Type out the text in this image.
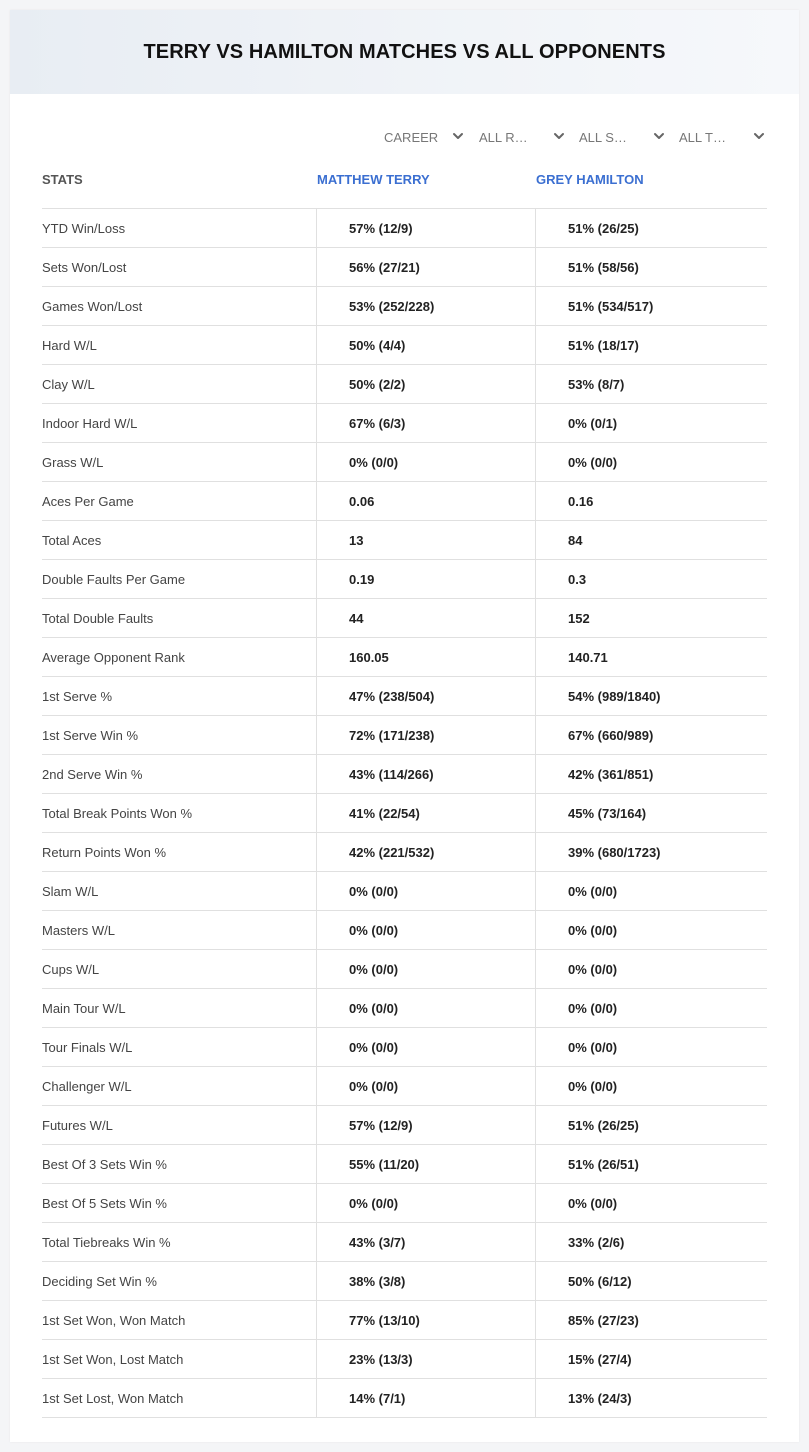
TERRY VS HAMILTON MATCHES VS ALL OPPONENTS
CAREER	ALL R…	ALL S…	ALL T…
STATS	MATTHEW TERRY	GREY HAMILTON
YTD Win/Loss	57% (12/9)	51% (26/25)
Sets Won/Lost	56% (27/21)	51% (58/56)
Games Won/Lost	53% (252/228)	51% (534/517)
Hard W/L	50% (4/4)	51% (18/17)
Clay W/L	50% (2/2)	53% (8/7)
Indoor Hard W/L	67% (6/3)	0% (0/1)
Grass W/L	0% (0/0)	0% (0/0)
Aces Per Game	0.06	0.16
Total Aces	13	84
Double Faults Per Game	0.19	0.3
Total Double Faults	44	152
Average Opponent Rank	160.05	140.71
1st Serve %	47% (238/504)	54% (989/1840)
1st Serve Win %	72% (171/238)	67% (660/989)
2nd Serve Win %	43% (114/266)	42% (361/851)
Total Break Points Won %	41% (22/54)	45% (73/164)
Return Points Won %	42% (221/532)	39% (680/1723)
Slam W/L	0% (0/0)	0% (0/0)
Masters W/L	0% (0/0)	0% (0/0)
Cups W/L	0% (0/0)	0% (0/0)
Main Tour W/L	0% (0/0)	0% (0/0)
Tour Finals W/L	0% (0/0)	0% (0/0)
Challenger W/L	0% (0/0)	0% (0/0)
Futures W/L	57% (12/9)	51% (26/25)
Best Of 3 Sets Win %	55% (11/20)	51% (26/51)
Best Of 5 Sets Win %	0% (0/0)	0% (0/0)
Total Tiebreaks Win %	43% (3/7)	33% (2/6)
Deciding Set Win %	38% (3/8)	50% (6/12)
1st Set Won, Won Match	77% (13/10)	85% (27/23)
1st Set Won, Lost Match	23% (13/3)	15% (27/4)
1st Set Lost, Won Match	14% (7/1)	13% (24/3)
